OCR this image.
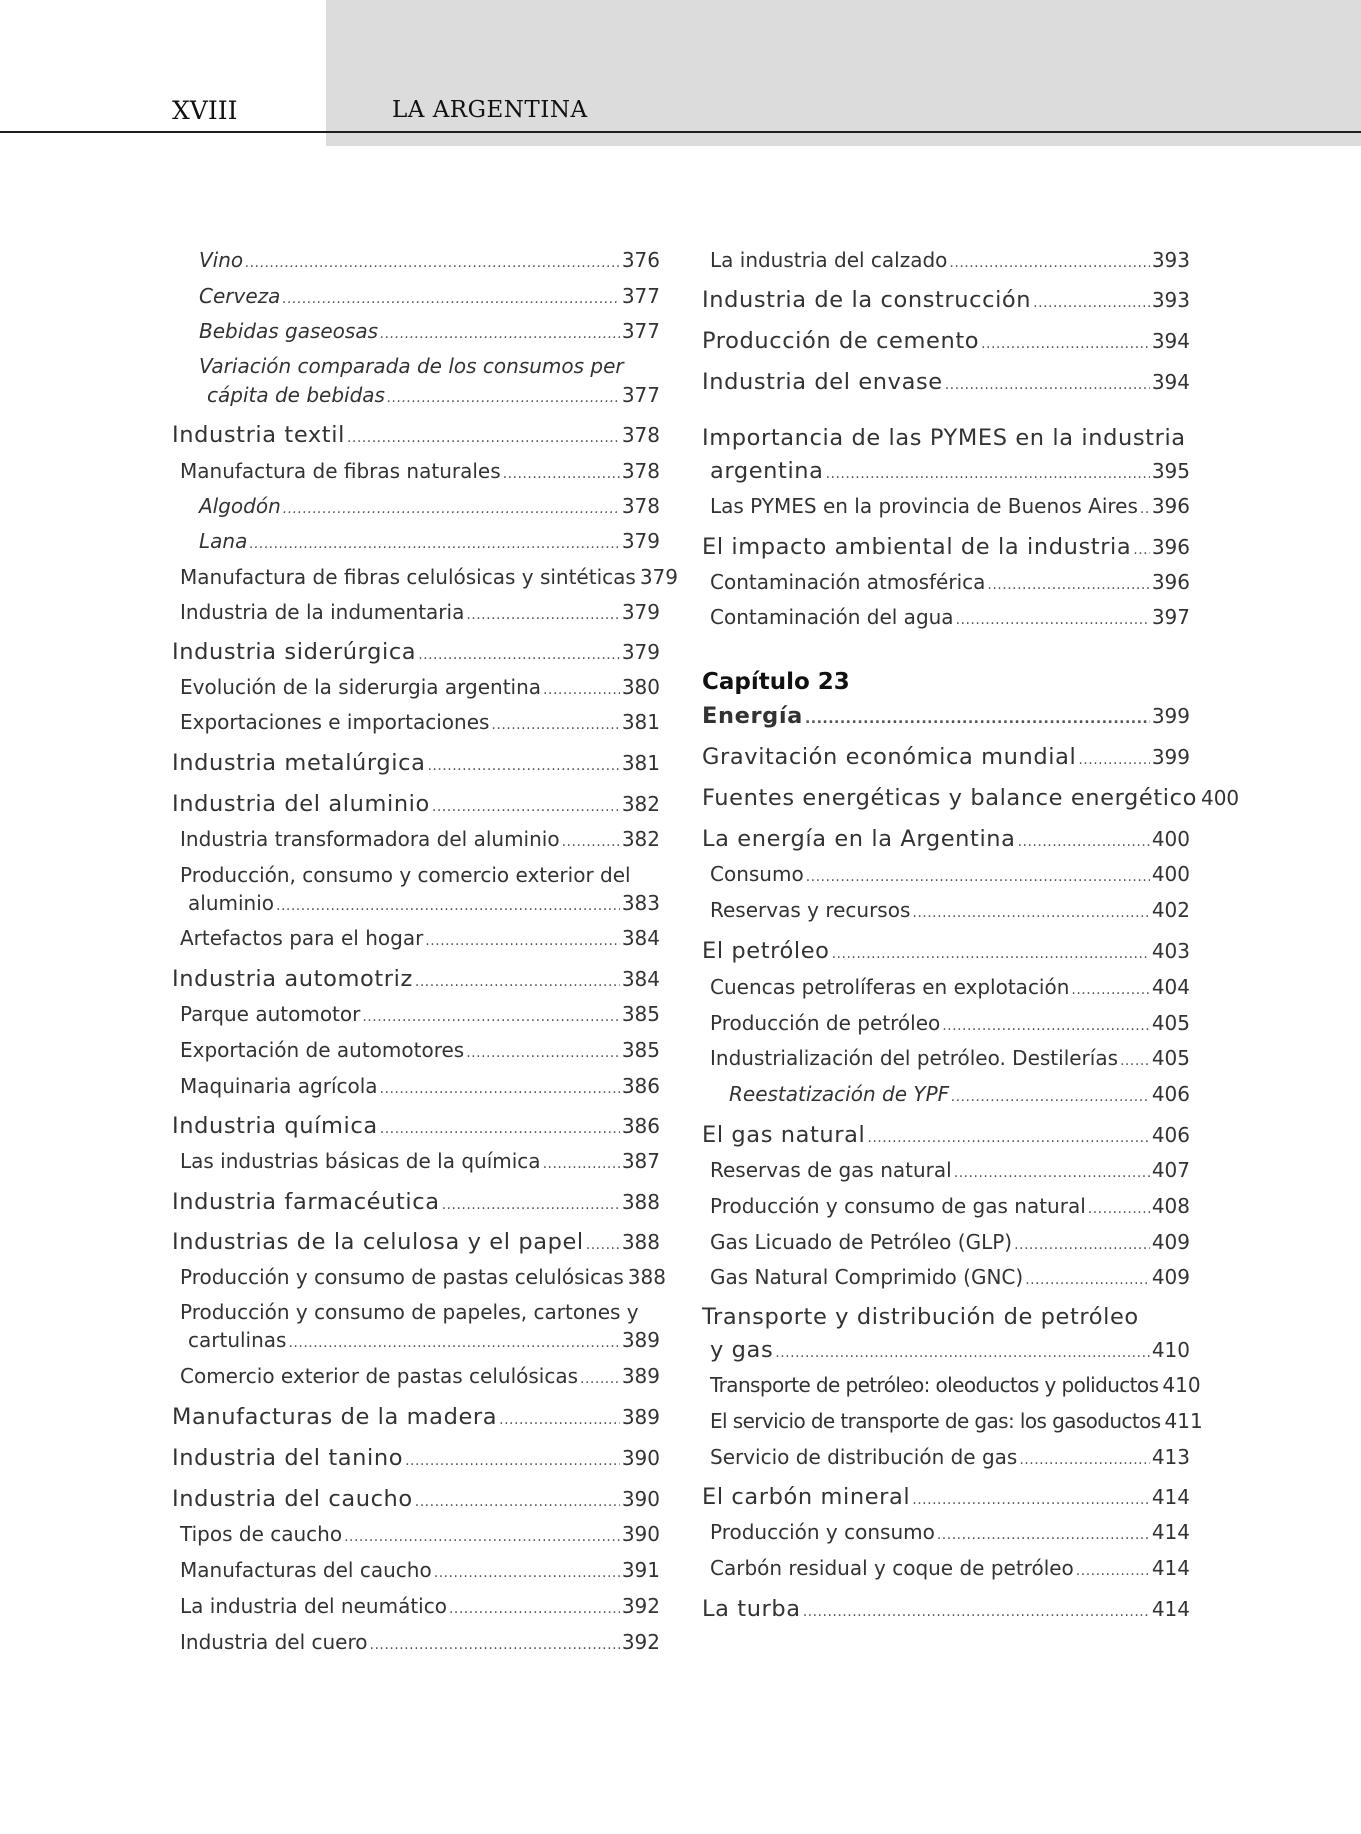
XVIII	LA ARGENTINA
Vino .....	376
Cerveza .....	377
Bebidas gaseosas .....	377
Variación comparada de los consumos per
cápita de bebidas .....	377
Industria textil .....	378
Manufactura de fibras naturales .....	378
Algodón .....	378
Lana .....	379
Manufactura de fibras celulósicas y sintéticas 379
Industria de la indumentaria .....	379
Industria siderúrgica .....	379
Evolución de la siderurgia argentina .....	380
Exportaciones e importaciones .....	381
Industria metalúrgica .....	381
Industria del aluminio .....	382
Industria transformadora del aluminio .....	382
Producción, consumo y comercio exterior del
aluminio .....	383
Artefactos para el hogar .....	384
Industria automotriz .....	384
Parque automotor .....	385
Exportación de automotores .....	385
Maquinaria agrícola .....	386
Industria química .....	386
Las industrias básicas de la química .....	387
Industria farmacéutica .....	388
Industrias de la celulosa y el papel ..... 388
Producción y consumo de pastas celulósicas 388
Producción y consumo de papeles, cartones y
cartulinas .....	389
Comercio exterior de pastas celulósicas ..... 389
Manufacturas de la madera .....	389
Industria del tanino .....	390
Industria del caucho .....	390
Tipos de caucho .....	390
Manufacturas del caucho .....	391
La industria del neumático .....	392
Industria del cuero .....	392
La industria del calzado .....	393
Industria de la construcción .....	393
Producción de cemento .....	394
Industria del envase .....	394
Importancia de las PYMES en la industria
argentina .....	395
Las PYMES en la provincia de Buenos Aires ..... 396
El impacto ambiental de la industria ..... 396
Contaminación atmosférica .....	396
Contaminación del agua .....	397
Capítulo 23
Energía .....	399
Gravitación económica mundial .....	399
Fuentes energéticas y balance energético 400
La energía en la Argentina .....	400
Consumo .....	400
Reservas y recursos .....	402
El petróleo .....	403
Cuencas petrolíferas en explotación .....	404
Producción de petróleo .....	405
Industrialización del petróleo. Destilerías ..... 405
Reestatización de YPF .....	406
El gas natural .....	406
Reservas de gas natural .....	407
Producción y consumo de gas natural .....	408
Gas Licuado de Petróleo (GLP) .....	409
Gas Natural Comprimido (GNC) .....	409
Transporte y distribución de petróleo
y gas .....	410
Transporte de petróleo: oleoductos y poliductos 410
El servicio de transporte de gas: los gasoductos 411
Servicio de distribución de gas .....	413
El carbón mineral .....	414
Producción y consumo .....	414
Carbón residual y coque de petróleo .....	414
La turba .....	414
